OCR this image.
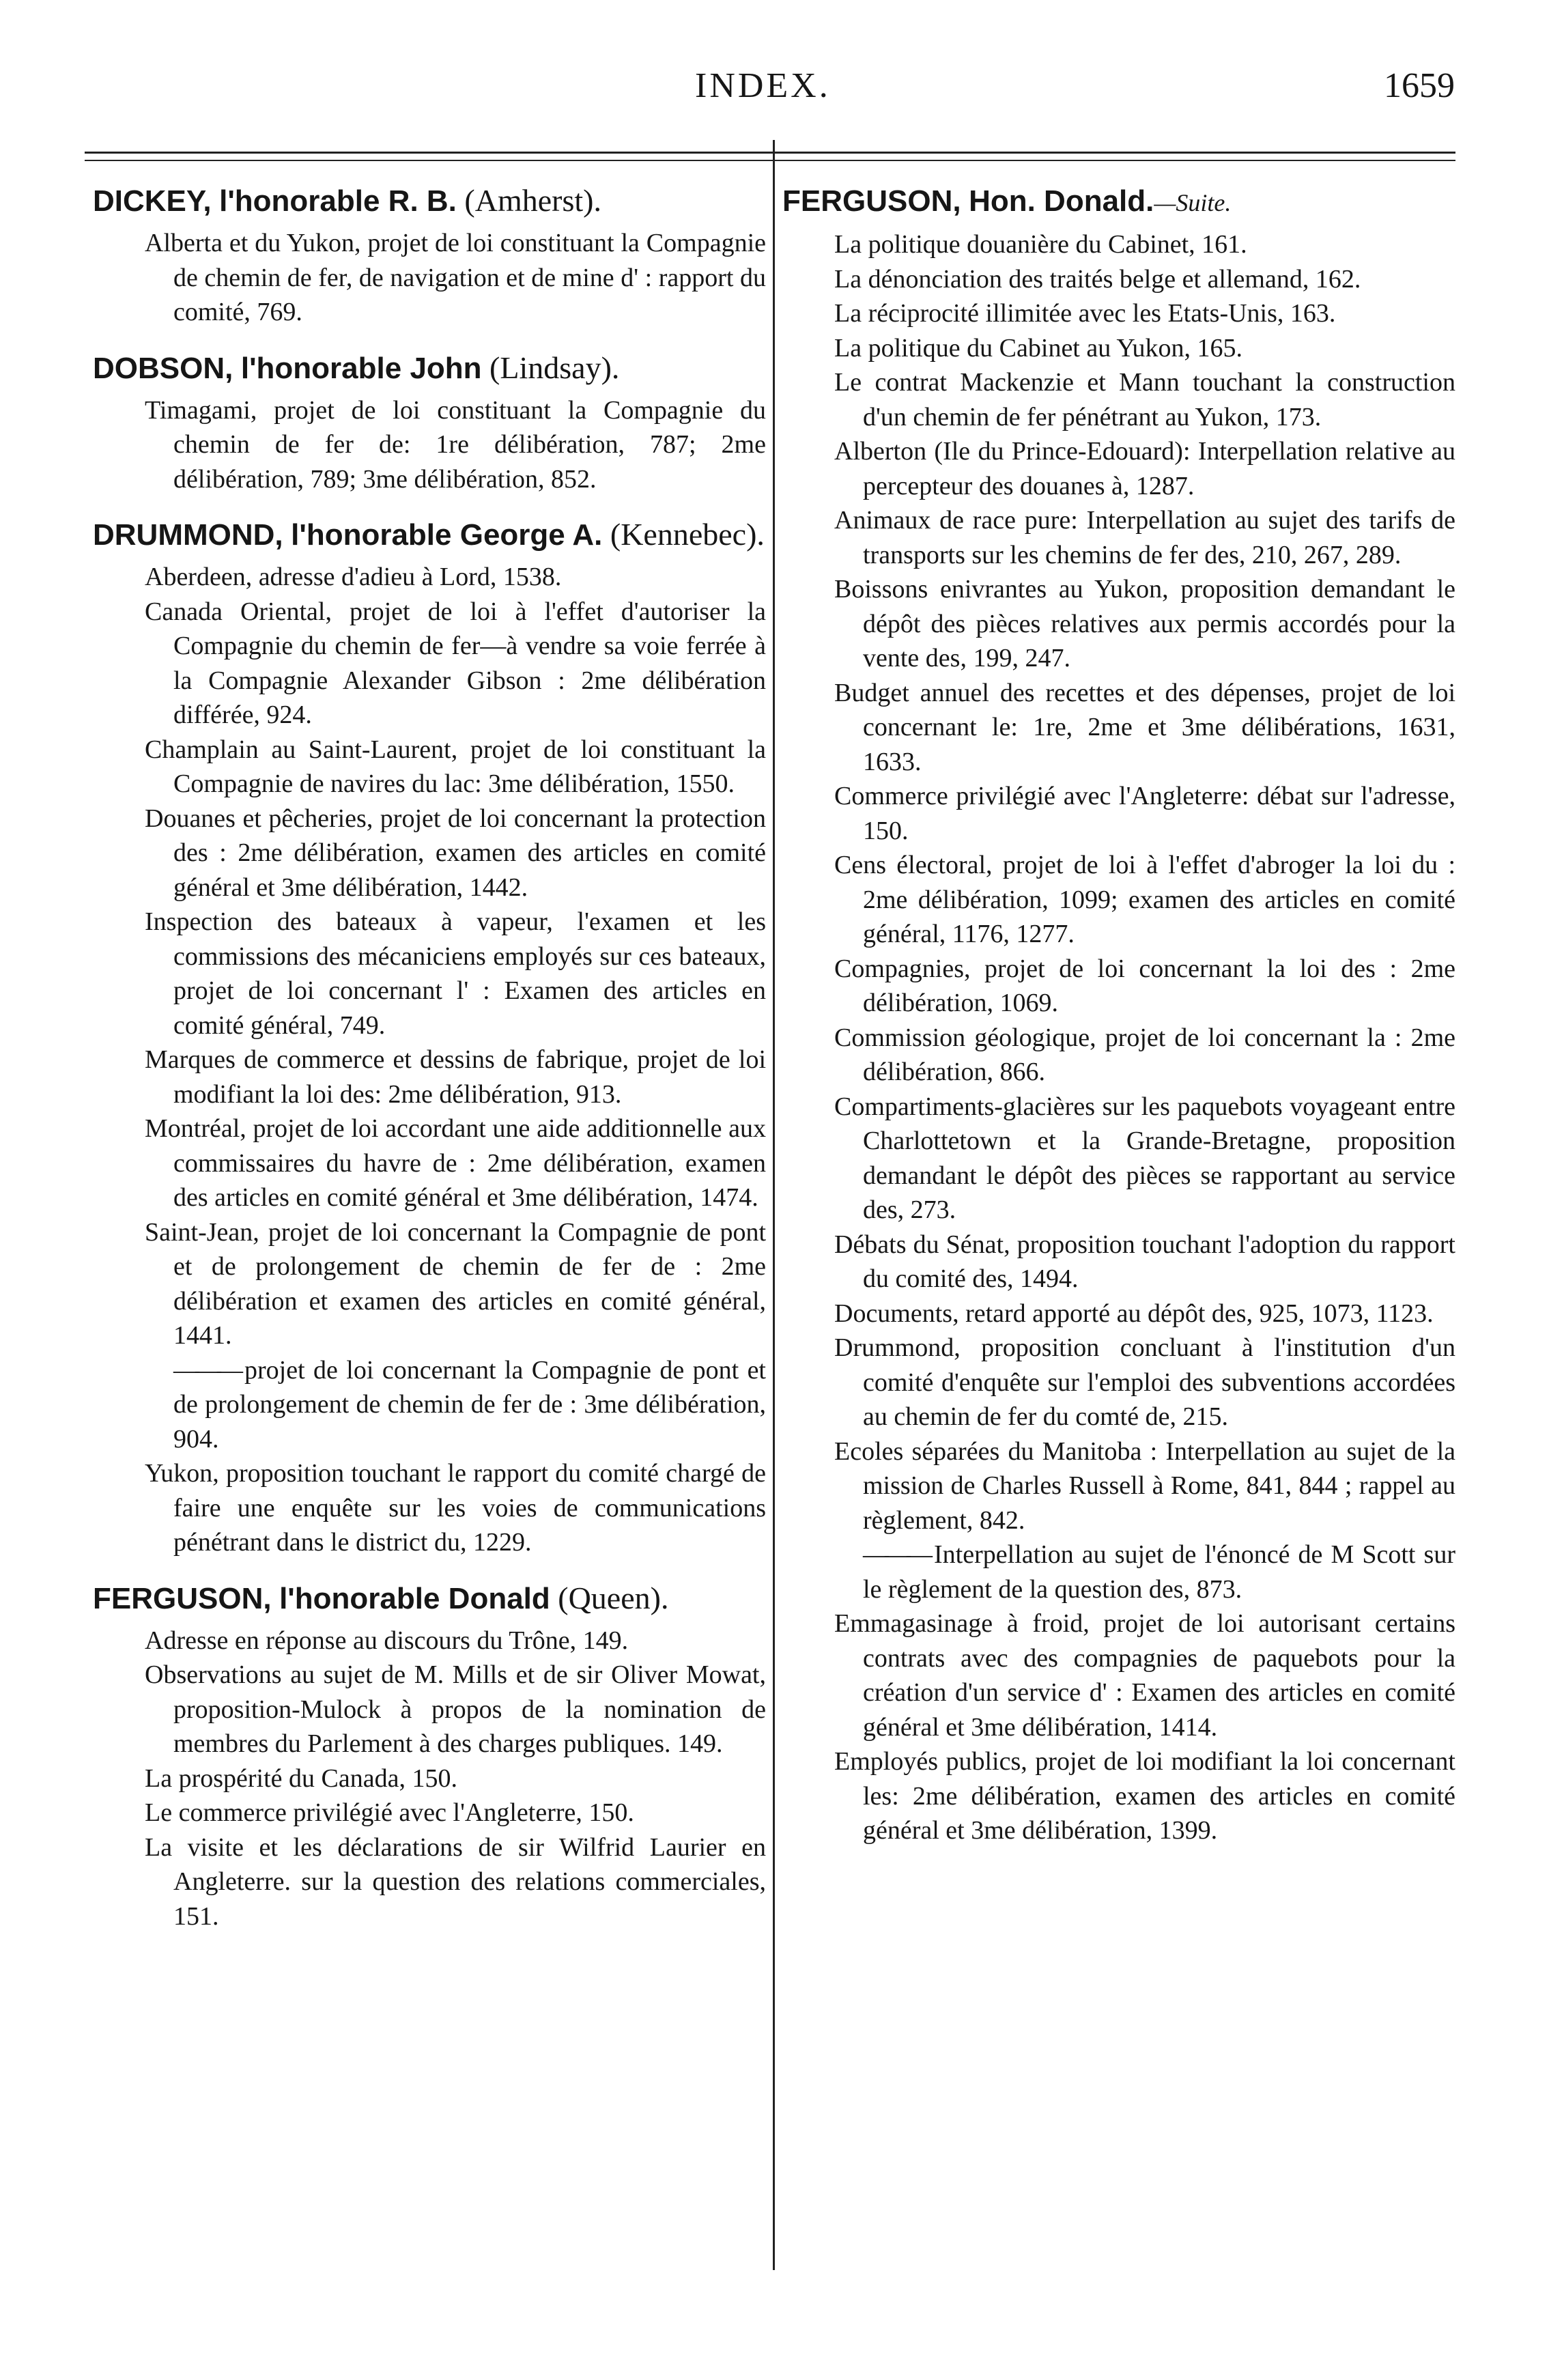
INDEX.	1659
DICKEY, l'honorable R. B. (Amherst).

Alberta et du Yukon, projet de loi constituant la Compagnie de chemin de fer, de navigation et de mine d' : rapport du comité, 769.

DOBSON, l'honorable John (Lindsay).

Timagami, projet de loi constituant la Compagnie du chemin de fer de: 1re délibération, 787; 2me délibération, 789; 3me délibération, 852.

DRUMMOND, l'honorable George A. (Kennebec).

Aberdeen, adresse d'adieu à Lord, 1538.

Canada Oriental, projet de loi à l'effet d'autoriser la Compagnie du chemin de fer—à vendre sa voie ferrée à la Compagnie Alexander Gibson : 2me délibération différée, 924.

Champlain au Saint-Laurent, projet de loi constituant la Compagnie de navires du lac: 3me délibération, 1550.

Douanes et pêcheries, projet de loi concernant la protection des : 2me délibération, examen des articles en comité général et 3me délibération, 1442.

Inspection des bateaux à vapeur, l'examen et les commissions des mécaniciens employés sur ces bateaux, projet de loi concernant l' : Examen des articles en comité général, 749.

Marques de commerce et dessins de fabrique, projet de loi modifiant la loi des: 2me délibération, 913.

Montréal, projet de loi accordant une aide additionnelle aux commissaires du havre de : 2me délibération, examen des articles en comité général et 3me délibération, 1474.

Saint-Jean, projet de loi concernant la Compagnie de pont et de prolongement de chemin de fer de : 2me délibération et examen des articles en comité général, 1441.

——— projet de loi concernant la Compagnie de pont et de prolongement de chemin de fer de : 3me délibération, 904.

Yukon, proposition touchant le rapport du comité chargé de faire une enquête sur les voies de communications pénétrant dans le district du, 1229.

FERGUSON, l'honorable Donald (Queen).

Adresse en réponse au discours du Trône, 149.

Observations au sujet de M. Mills et de sir Oliver Mowat, proposition-Mulock à propos de la nomination de membres du Parlement à des charges publiques. 149.

La prospérité du Canada, 150.

Le commerce privilégié avec l'Angleterre, 150.

La visite et les déclarations de sir Wilfrid Laurier en Angleterre. sur la question des relations commerciales, 151.

FERGUSON, Hon. Donald.—Suite.

La politique douanière du Cabinet, 161.

La dénonciation des traités belge et allemand, 162.

La réciprocité illimitée avec les Etats-Unis, 163.

La politique du Cabinet au Yukon, 165.

Le contrat Mackenzie et Mann touchant la construction d'un chemin de fer pénétrant au Yukon, 173.

Alberton (Ile du Prince-Edouard): Interpellation relative au percepteur des douanes à, 1287.

Animaux de race pure: Interpellation au sujet des tarifs de transports sur les chemins de fer des, 210, 267, 289.

Boissons enivrantes au Yukon, proposition demandant le dépôt des pièces relatives aux permis accordés pour la vente des, 199, 247.

Budget annuel des recettes et des dépenses, projet de loi concernant le: 1re, 2me et 3me délibérations, 1631, 1633.

Commerce privilégié avec l'Angleterre: débat sur l'adresse, 150.

Cens électoral, projet de loi à l'effet d'abroger la loi du : 2me délibération, 1099; examen des articles en comité général, 1176, 1277.

Compagnies, projet de loi concernant la loi des : 2me délibération, 1069.

Commission géologique, projet de loi concernant la : 2me délibération, 866.

Compartiments-glacières sur les paquebots voyageant entre Charlottetown et la Grande-Bretagne, proposition demandant le dépôt des pièces se rapportant au service des, 273.

Débats du Sénat, proposition touchant l'adoption du rapport du comité des, 1494.

Documents, retard apporté au dépôt des, 925, 1073, 1123.

Drummond, proposition concluant à l'institution d'un comité d'enquête sur l'emploi des subventions accordées au chemin de fer du comté de, 215.

Ecoles séparées du Manitoba : Interpellation au sujet de la mission de Charles Russell à Rome, 841, 844 ; rappel au règlement, 842.

——— Interpellation au sujet de l'énoncé de M Scott sur le règlement de la question des, 873.

Emmagasinage à froid, projet de loi autorisant certains contrats avec des compagnies de paquebots pour la création d'un service d' : Examen des articles en comité général et 3me délibération, 1414.

Employés publics, projet de loi modifiant la loi concernant les: 2me délibération, examen des articles en comité général et 3me délibération, 1399.
